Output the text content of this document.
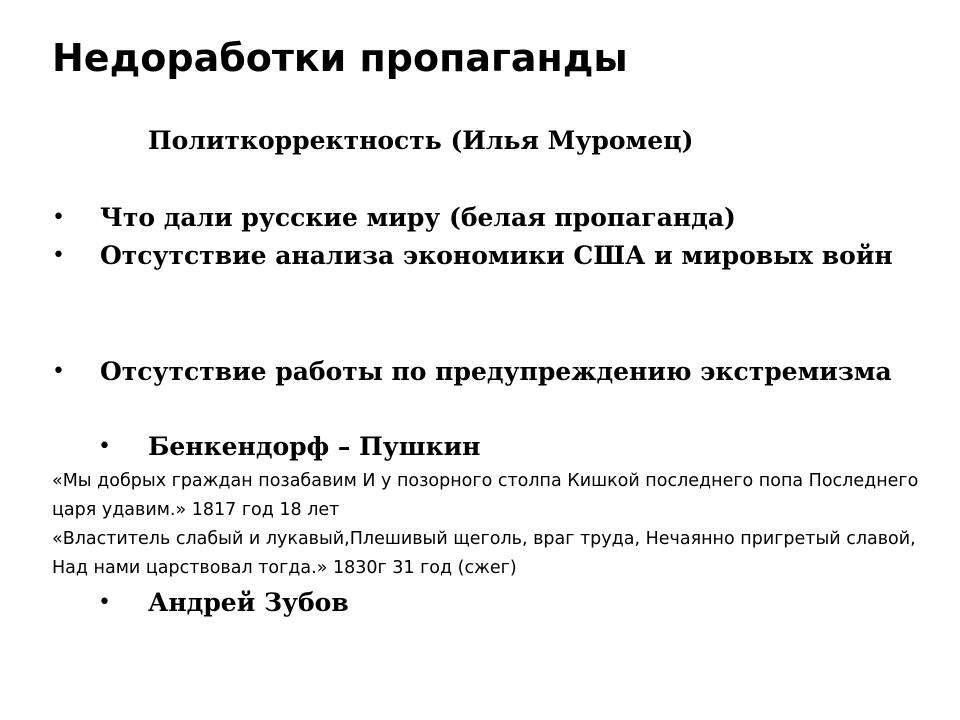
Недоработки пропаганды

Политкорректность (Илья Муромец)

• Что дали русские миру (белая пропаганда)
• Отсутствие анализа экономики США и мировых войн
• Отсутствие работы по предупреждению экстремизма
• Бенкендорф – Пушкин

«Мы добрых граждан позабавим И у позорного столпа Кишкой последнего попа Последнего царя удавим.» 1817 год 18 лет

«Властитель слабый и лукавый,Плешивый щеголь, враг труда, Нечаянно пригретый славой, Над нами царствовал тогда.» 1830г 31 год (сжег)

• Андрей Зубов
